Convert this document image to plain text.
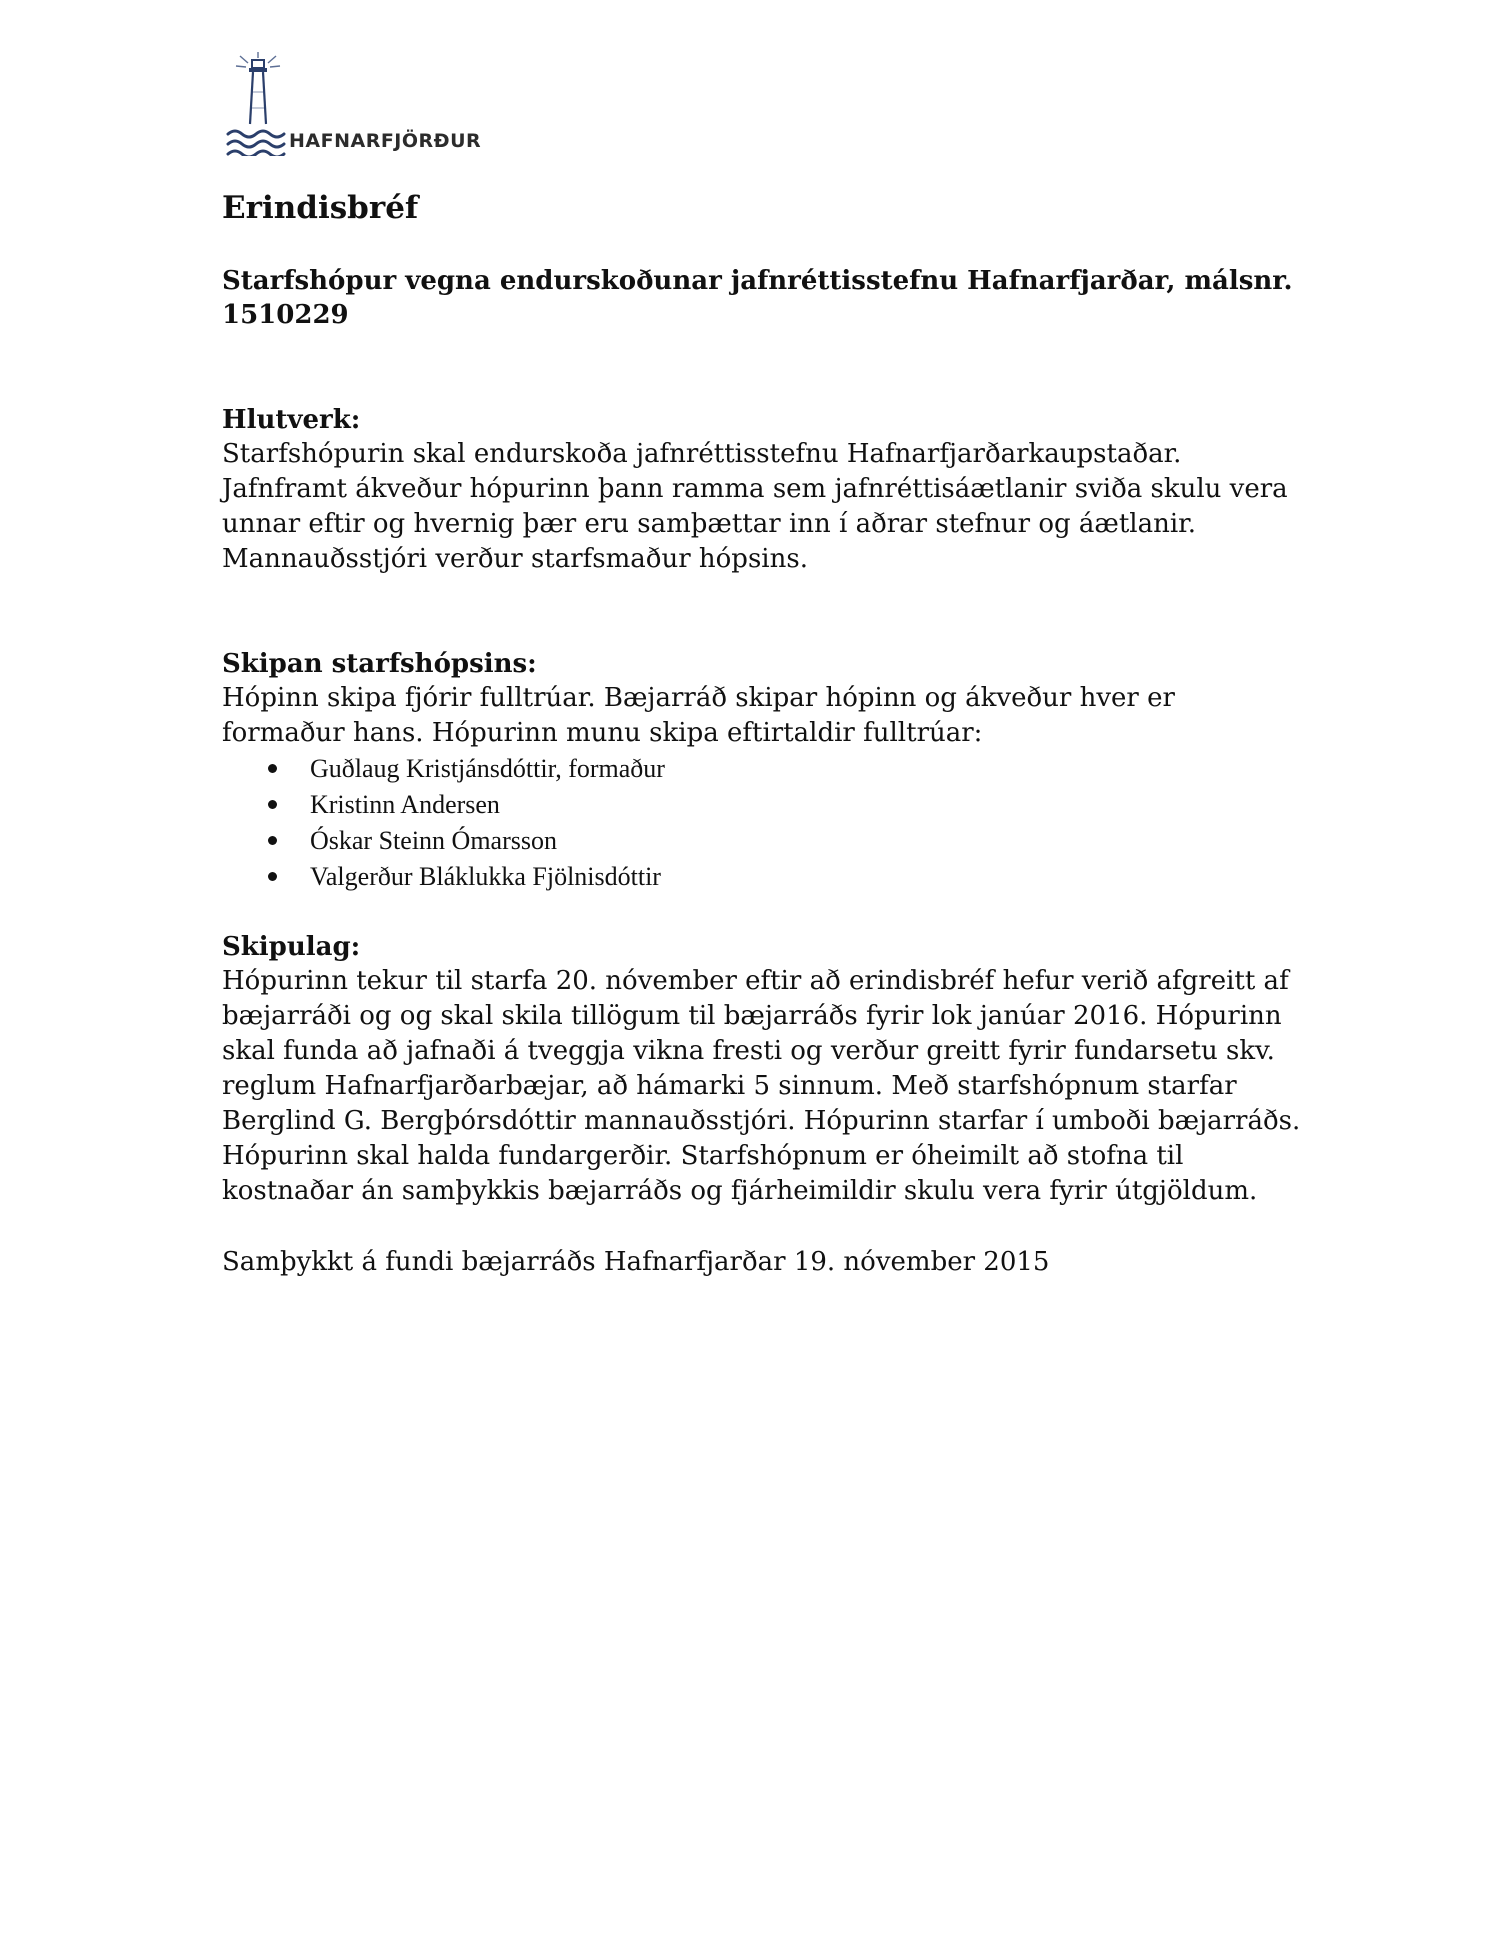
HAFNARFJÖRÐUR
Erindisbréf
Starfshópur vegna endurskoðunar jafnréttisstefnu Hafnarfjarðar, málsnr. 1510229
Hlutverk:

Starfshópurin skal endurskoða jafnréttisstefnu Hafnarfjarðarkaupstaðar. Jafnframt ákveður hópurinn þann ramma sem jafnréttisáætlanir sviða skulu vera unnar eftir og hvernig þær eru samþættar inn í aðrar stefnur og áætlanir.

Mannauðsstjóri verður starfsmaður hópsins.

Skipan starfshópsins:

Hópinn skipa fjórir fulltrúar. Bæjarráð skipar hópinn og ákveður hver er formaður hans. Hópurinn munu skipa eftirtaldir fulltrúar:

Guðlaug Kristjánsdóttir, formaður
Kristinn Andersen
Óskar Steinn Ómarsson
Valgerður Bláklukka Fjölnisdóttir
Skipulag:

Hópurinn tekur til starfa 20. nóvember eftir að erindisbréf hefur verið afgreitt af bæjarráði og og skal skila tillögum til bæjarráðs fyrir lok janúar 2016. Hópurinn skal funda að jafnaði á tveggja vikna fresti og verður greitt fyrir fundarsetu skv. reglum Hafnarfjarðarbæjar, að hámarki 5 sinnum. Með starfshópnum starfar Berglind G. Bergþórsdóttir mannauðsstjóri. Hópurinn starfar í umboði bæjarráðs. Hópurinn skal halda fundargerðir. Starfshópnum er óheimilt að stofna til kostnaðar án samþykkis bæjarráðs og fjárheimildir skulu vera fyrir útgjöldum.

Samþykkt á fundi bæjarráðs Hafnarfjarðar 19. nóvember 2015
